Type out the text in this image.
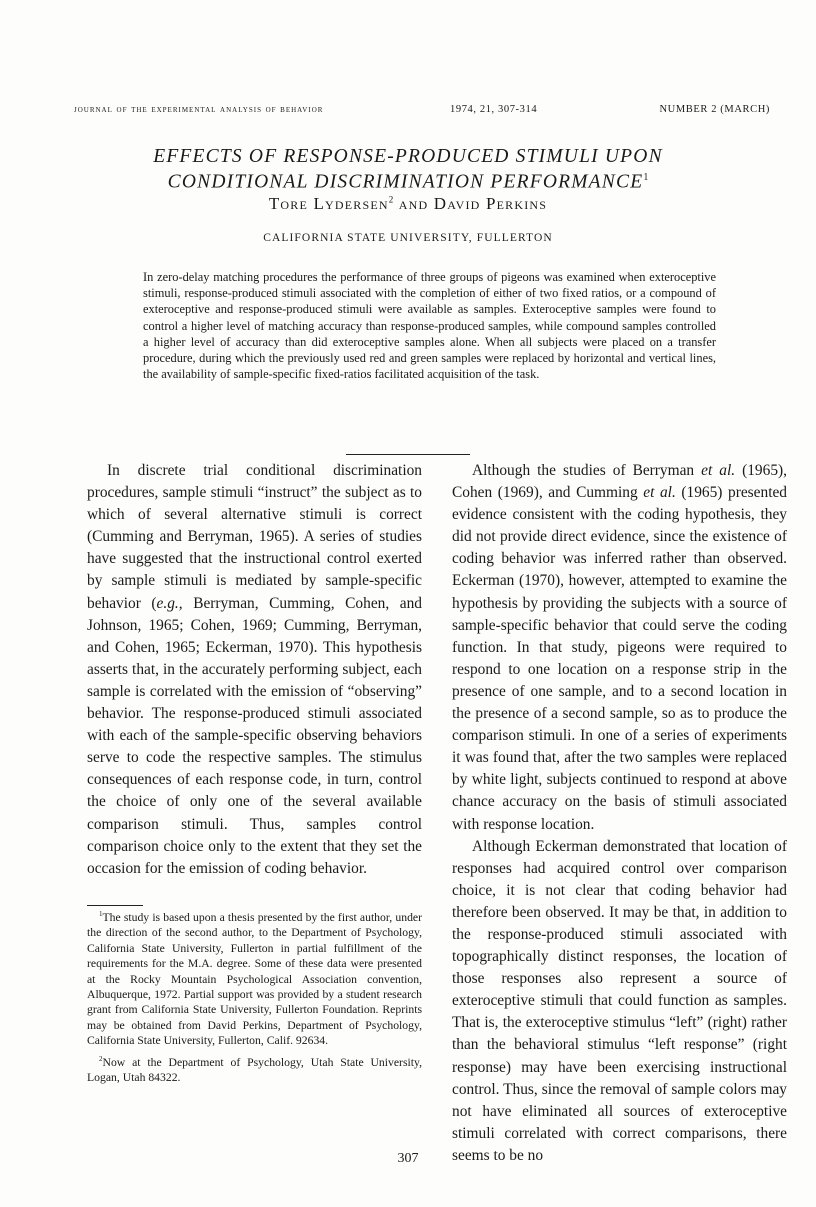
journal of the experimental analysis of behavior	1974, 21, 307-314	NUMBER 2 (MARCH)
EFFECTS OF RESPONSE-PRODUCED STIMULI UPON
CONDITIONAL DISCRIMINATION PERFORMANCE$^1$
Tore Lydersen$^2$ and David Perkins
CALIFORNIA STATE UNIVERSITY, FULLERTON

In zero-delay matching procedures the performance of three groups of pigeons was examined when exteroceptive stimuli, response-produced stimuli associated with the completion of either of two fixed ratios, or a compound of exteroceptive and response-produced stimuli were available as samples. Exteroceptive samples were found to control a higher level of matching accuracy than response-produced samples, while compound samples controlled a higher level of accuracy than did exteroceptive samples alone. When all subjects were placed on a transfer procedure, during which the previously used red and green samples were replaced by horizontal and vertical lines, the availability of sample-specific fixed-ratios facilitated acquisition of the task.

In discrete trial conditional discrimination procedures, sample stimuli “instruct” the subject as to which of several alternative stimuli is correct (Cumming and Berryman, 1965). A series of studies have suggested that the instructional control exerted by sample stimuli is mediated by sample-specific behavior (e.g., Berryman, Cumming, Cohen, and Johnson, 1965; Cohen, 1969; Cumming, Berryman, and Cohen, 1965; Eckerman, 1970). This hypothesis asserts that, in the accurately performing subject, each sample is correlated with the emission of “observing” behavior. The response-produced stimuli associated with each of the sample-specific observing behaviors serve to code the respective samples. The stimulus consequences of each response code, in turn, control the choice of only one of the several available comparison stimuli. Thus, samples control comparison choice only to the extent that they set the occasion for the emission of coding behavior.

$^1$The study is based upon a thesis presented by the first author, under the direction of the second author, to the Department of Psychology, California State University, Fullerton in partial fulfillment of the requirements for the M.A. degree. Some of these data were presented at the Rocky Mountain Psychological Association convention, Albuquerque, 1972. Partial support was provided by a student research grant from California State University, Fullerton Foundation. Reprints may be obtained from David Perkins, Department of Psychology, California State University, Fullerton, Calif. 92634.

$^2$Now at the Department of Psychology, Utah State University, Logan, Utah 84322.

Although the studies of Berryman et al. (1965), Cohen (1969), and Cumming et al. (1965) presented evidence consistent with the coding hypothesis, they did not provide direct evidence, since the existence of coding behavior was inferred rather than observed. Eckerman (1970), however, attempted to examine the hypothesis by providing the subjects with a source of sample-specific behavior that could serve the coding function. In that study, pigeons were required to respond to one location on a response strip in the presence of one sample, and to a second location in the presence of a second sample, so as to produce the comparison stimuli. In one of a series of experiments it was found that, after the two samples were replaced by white light, subjects continued to respond at above chance accuracy on the basis of stimuli associated with response location.

Although Eckerman demonstrated that location of responses had acquired control over comparison choice, it is not clear that coding behavior had therefore been observed. It may be that, in addition to the response-produced stimuli associated with topographically distinct responses, the location of those responses also represent a source of exteroceptive stimuli that could function as samples. That is, the exteroceptive stimulus “left” (right) rather than the behavioral stimulus “left response” (right response) may have been exercising instructional control. Thus, since the removal of sample colors may not have eliminated all sources of exteroceptive stimuli correlated with correct comparisons, there seems to be no

307
